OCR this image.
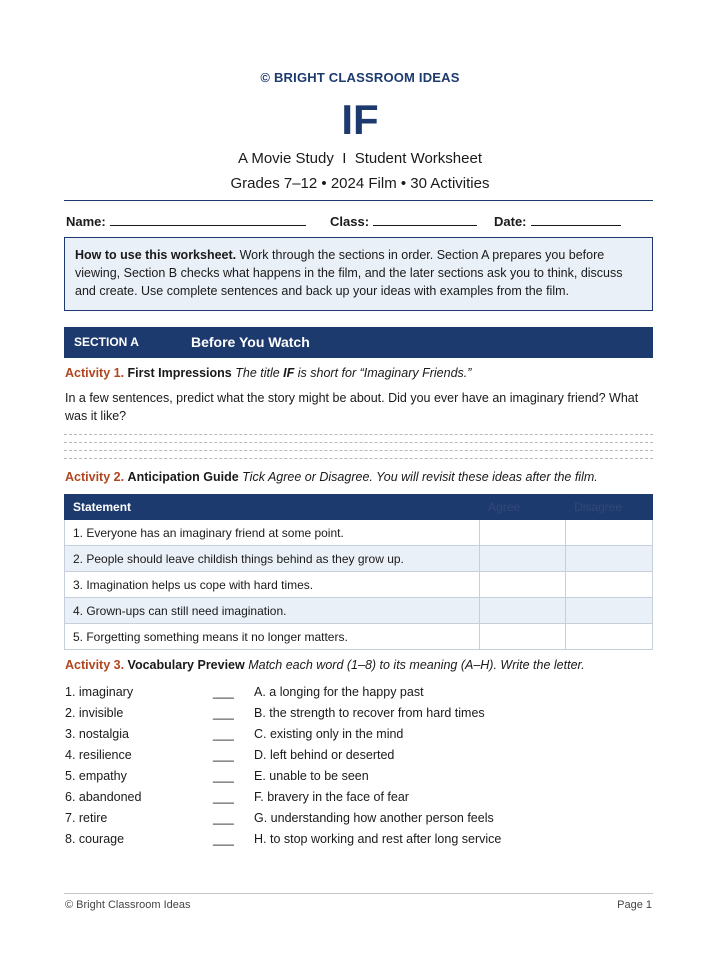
© BRIGHT CLASSROOM IDEAS
IF
A Movie Study  I  Student Worksheet
Grades 7–12 • 2024 Film • 30 Activities
Name:	Class:	Date:
How to use this worksheet. Work through the sections in order. Section A prepares you before viewing, Section B checks what happens in the film, and the later sections ask you to think, discuss and create. Use complete sentences and back up your ideas with examples from the film.
SECTION A	Before You Watch
Activity 1. First Impressions The title IF is short for “Imaginary Friends.”
In a few sentences, predict what the story might be about. Did you ever have an imaginary friend? What was it like?
Activity 2. Anticipation Guide Tick Agree or Disagree. You will revisit these ideas after the film.
Statement	Agree	Disagree
1. Everyone has an imaginary friend at some point.		
2. People should leave childish things behind as they grow up.		
3. Imagination helps us cope with hard times.		
4. Grown-ups can still need imagination.		
5. Forgetting something means it no longer matters.		
Activity 3. Vocabulary Preview Match each word (1–8) to its meaning (A–H). Write the letter.
1. imaginary	___ A. a longing for the happy past
2. invisible	___ B. the strength to recover from hard times
3. nostalgia	___ C. existing only in the mind
4. resilience	___ D. left behind or deserted
5. empathy	___ E. unable to be seen
6. abandoned	___ F. bravery in the face of fear
7. retire	___ G. understanding how another person feels
8. courage	___ H. to stop working and rest after long service
© Bright Classroom Ideas	Page 1
